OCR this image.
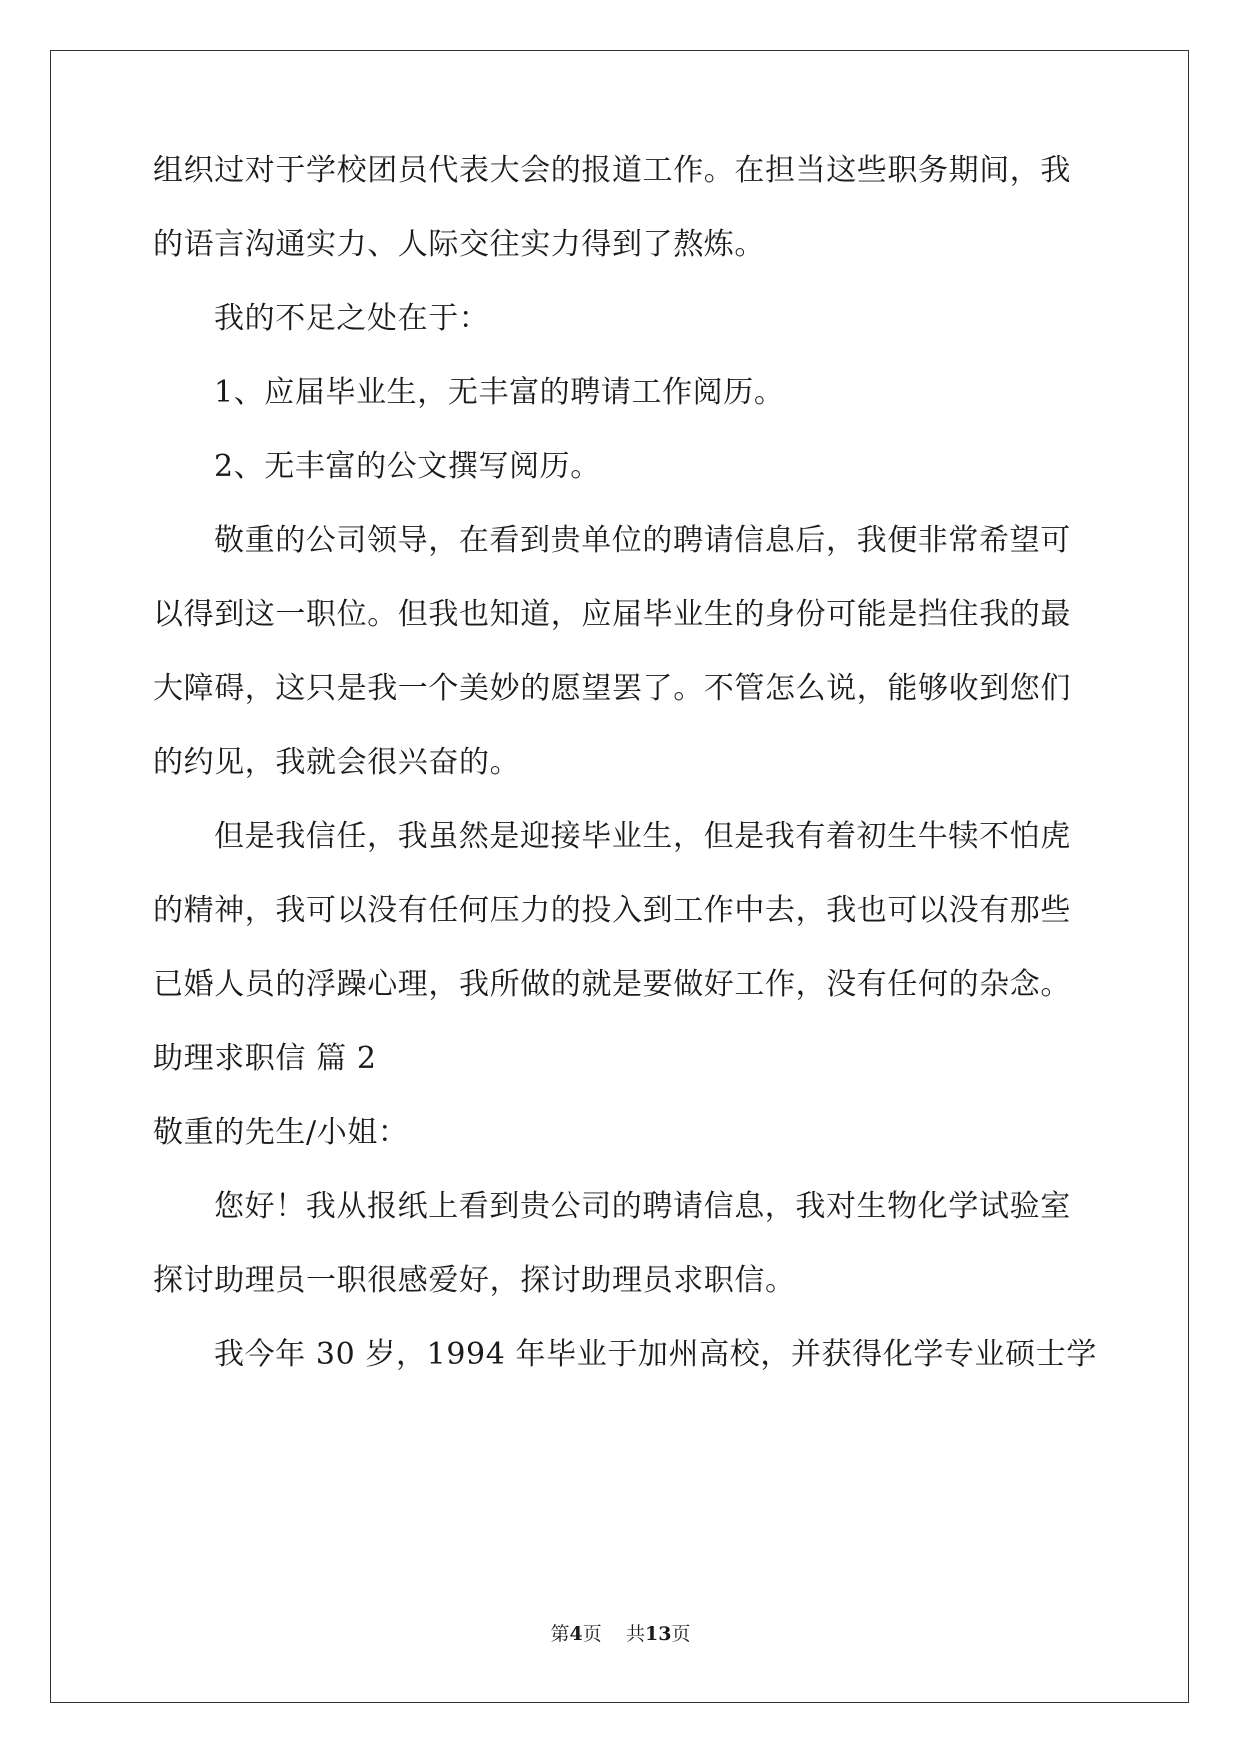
组织过对于学校团员代表大会的报道工作。在担当这些职务期间，我
的语言沟通实力、人际交往实力得到了熬炼。
我的不足之处在于：
1、应届毕业生，无丰富的聘请工作阅历。
2、无丰富的公文撰写阅历。
敬重的公司领导，在看到贵单位的聘请信息后，我便非常希望可
以得到这一职位。但我也知道，应届毕业生的身份可能是挡住我的最
大障碍，这只是我一个美妙的愿望罢了。不管怎么说，能够收到您们
的约见，我就会很兴奋的。
但是我信任，我虽然是迎接毕业生，但是我有着初生牛犊不怕虎
的精神，我可以没有任何压力的投入到工作中去，我也可以没有那些
已婚人员的浮躁心理，我所做的就是要做好工作，没有任何的杂念。
助理求职信 篇 2
敬重的先生/小姐：
您好！我从报纸上看到贵公司的聘请信息，我对生物化学试验室
探讨助理员一职很感爱好，探讨助理员求职信。
我今年 30 岁，1994 年毕业于加州高校，并获得化学专业硕士学
第4页 共13页
